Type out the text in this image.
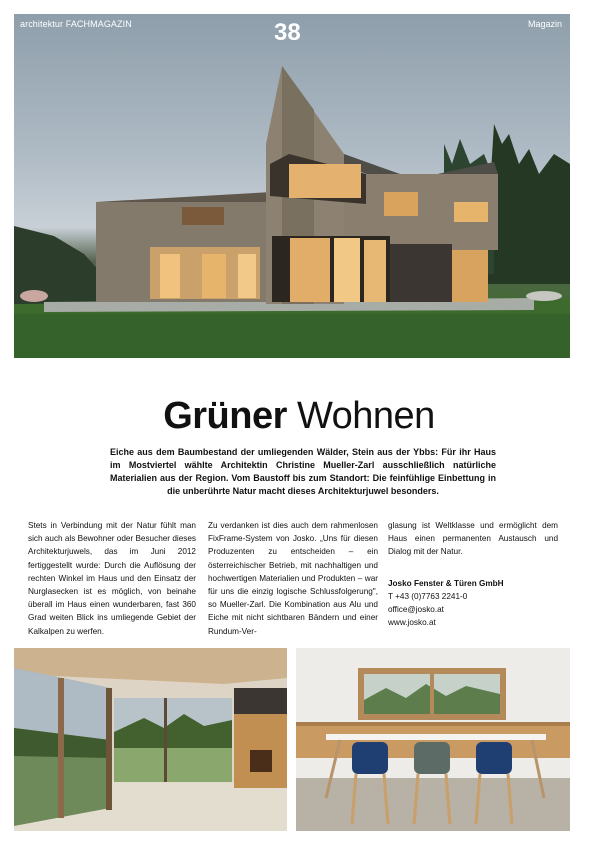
architektur FACHMAGAZIN	38	Magazin
Grüner Wohnen
Eiche aus dem Baumbestand der umliegenden Wälder, Stein aus der Ybbs: Für ihr Haus im Mostviertel wählte Architektin Christine Mueller-Zarl ausschließlich natürliche Materialien aus der Region. Vom Baustoff bis zum Standort: Die feinfühlige Einbettung in die unberührte Natur macht dieses Architekturjuwel besonders.
Stets in Verbindung mit der Natur fühlt man sich auch als Bewohner oder Besucher dieses Architekturjuwels, das im Juni 2012 fertiggestellt wurde: Durch die Auflösung der rechten Winkel im Haus und den Einsatz der Nurglasecken ist es möglich, von beinahe überall im Haus einen wunderbaren, fast 360 Grad weiten Blick ins umliegende Gebiet der Kalkalpen zu werfen.
Zu verdanken ist dies auch dem rahmenlosen FixFrame-System von Josko. „Uns für diesen Produzenten zu entscheiden – ein österreichischer Betrieb, mit nachhaltigen und hochwertigen Materialien und Produkten – war für uns die einzig logische Schlussfolgerung", so Mueller-Zarl. Die Kombination aus Alu und Eiche mit nicht sichtbaren Bändern und einer Rundum-Ver-
glasung ist Weltklasse und ermöglicht dem Haus einen permanenten Austausch und Dialog mit der Natur.
Josko Fenster & Türen GmbH
T +43 (0)7763 2241-0
office@josko.at
www.josko.at
